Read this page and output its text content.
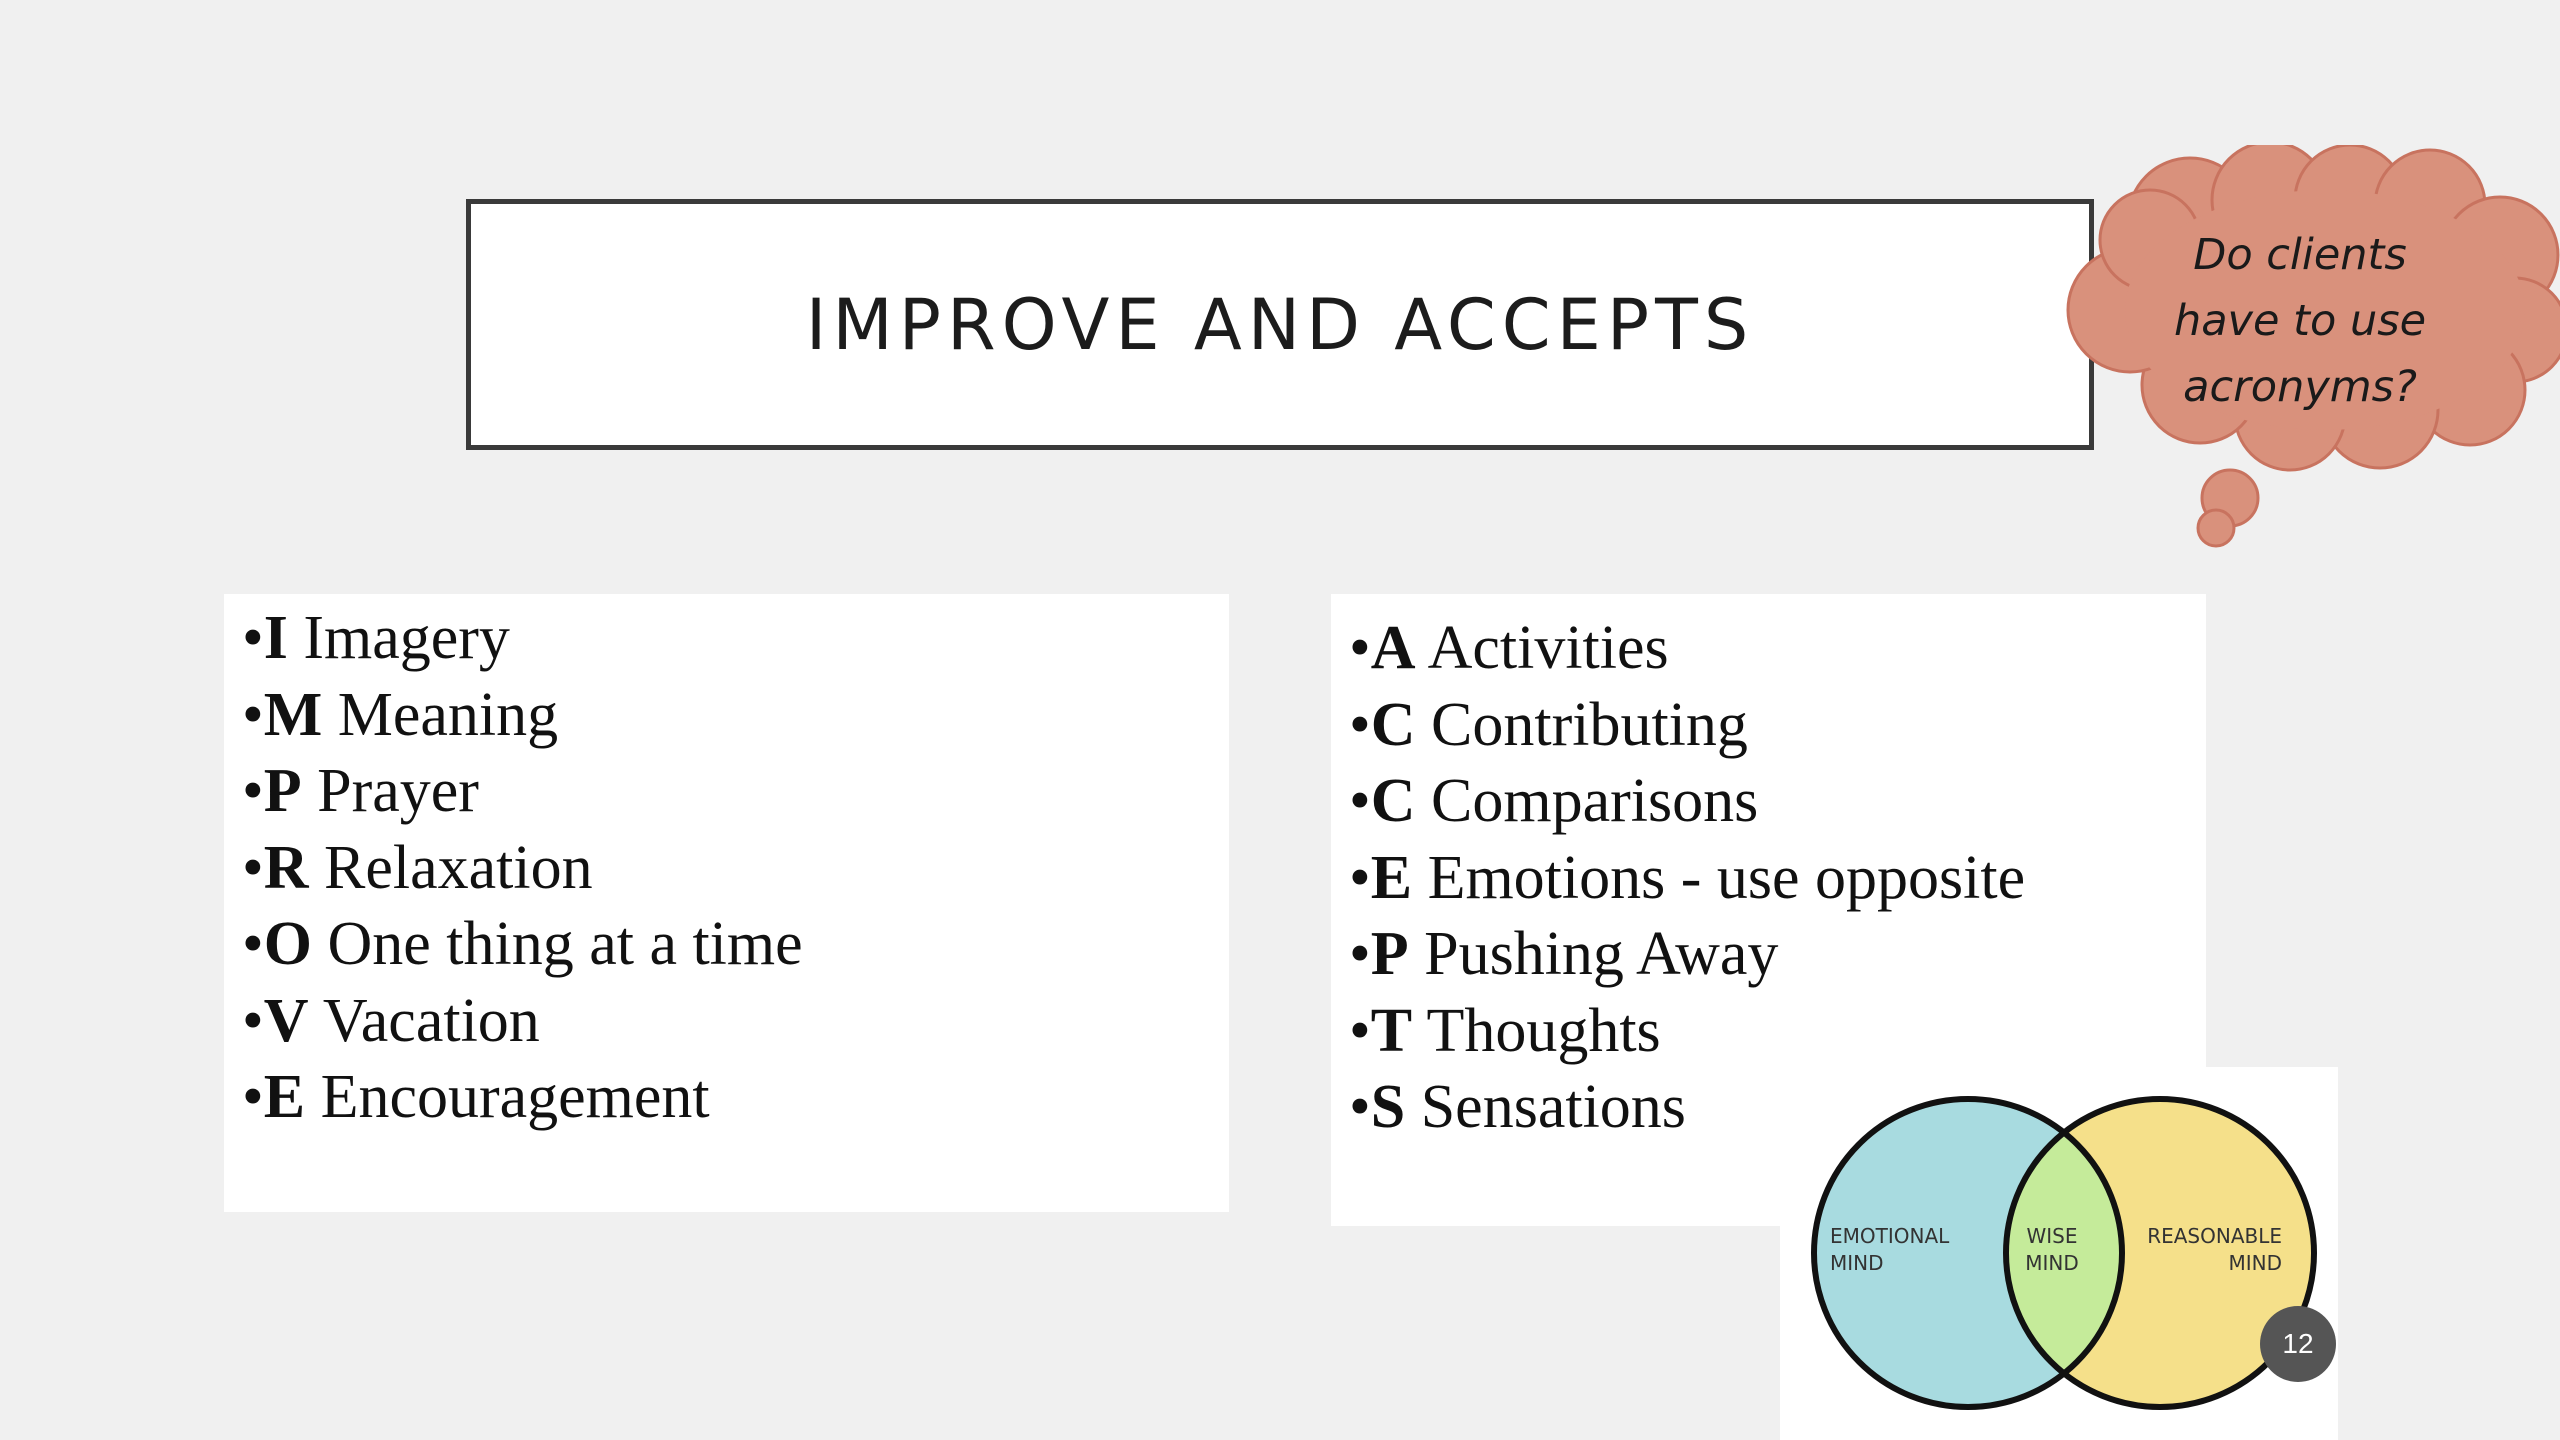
IMPROVE AND ACCEPTS
Do clients
have to use
acronyms?
•I Imagery
•M Meaning
•P Prayer
•R Relaxation
•O One thing at a time
•V Vacation
•E Encouragement
•A Activities
•C Contributing
•C Comparisons
•E Emotions - use opposite
•P Pushing Away
•T Thoughts
•S Sensations
EMOTIONAL
MIND
WISE
MIND
REASONABLE
MIND
12
